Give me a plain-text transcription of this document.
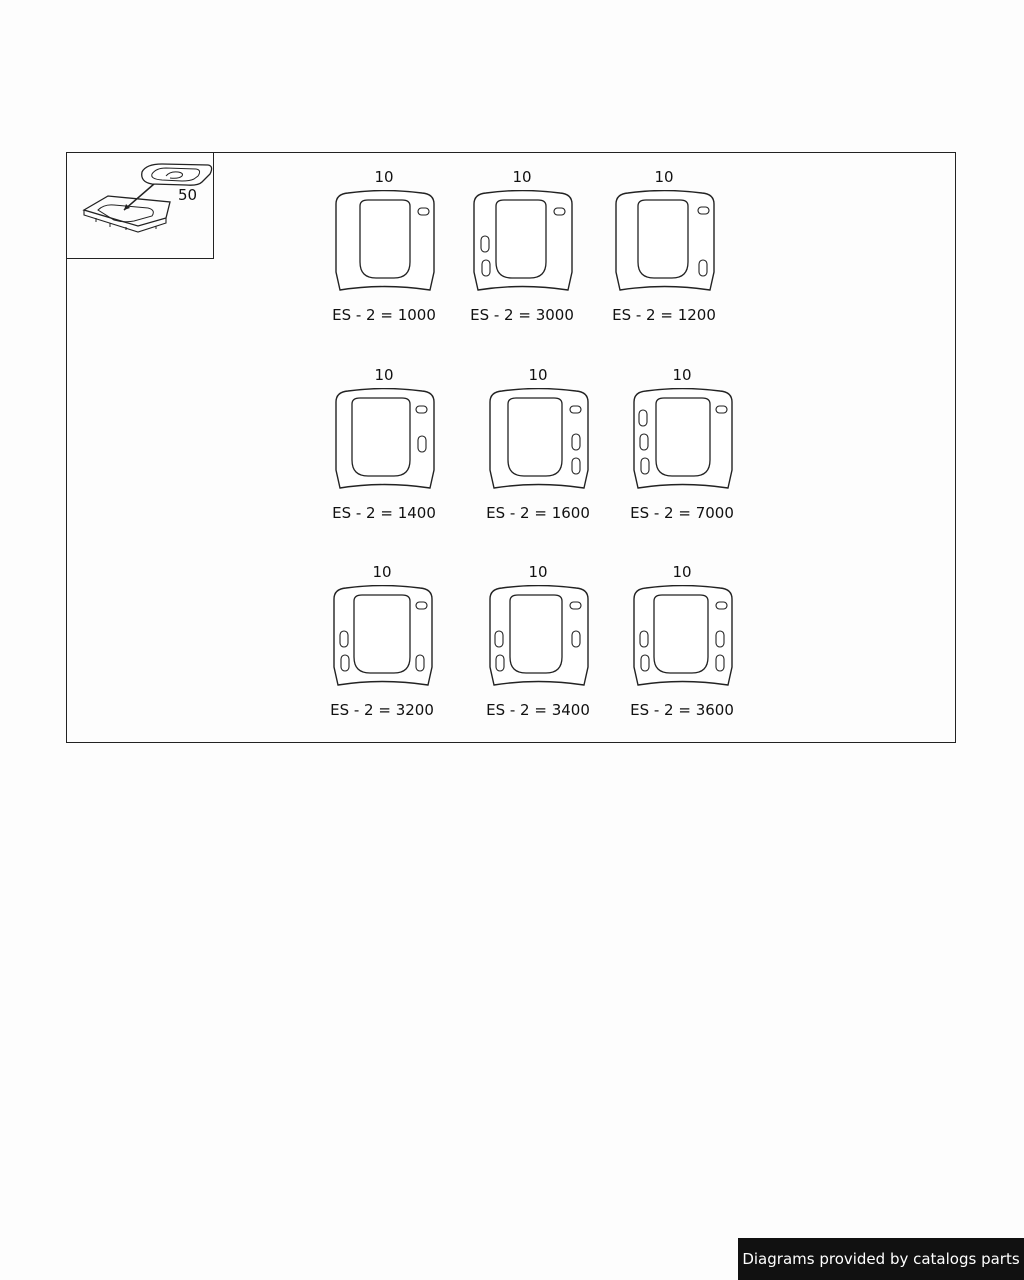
50
10
ES - 2 = 1000
10
ES - 2 = 3000
10
ES - 2 = 1200
10
ES - 2 = 1400
10
ES - 2 = 1600
10
ES - 2 = 7000
10
ES - 2 = 3200
10
ES - 2 = 3400
10
ES - 2 = 3600
Diagrams provided by catalogs parts
